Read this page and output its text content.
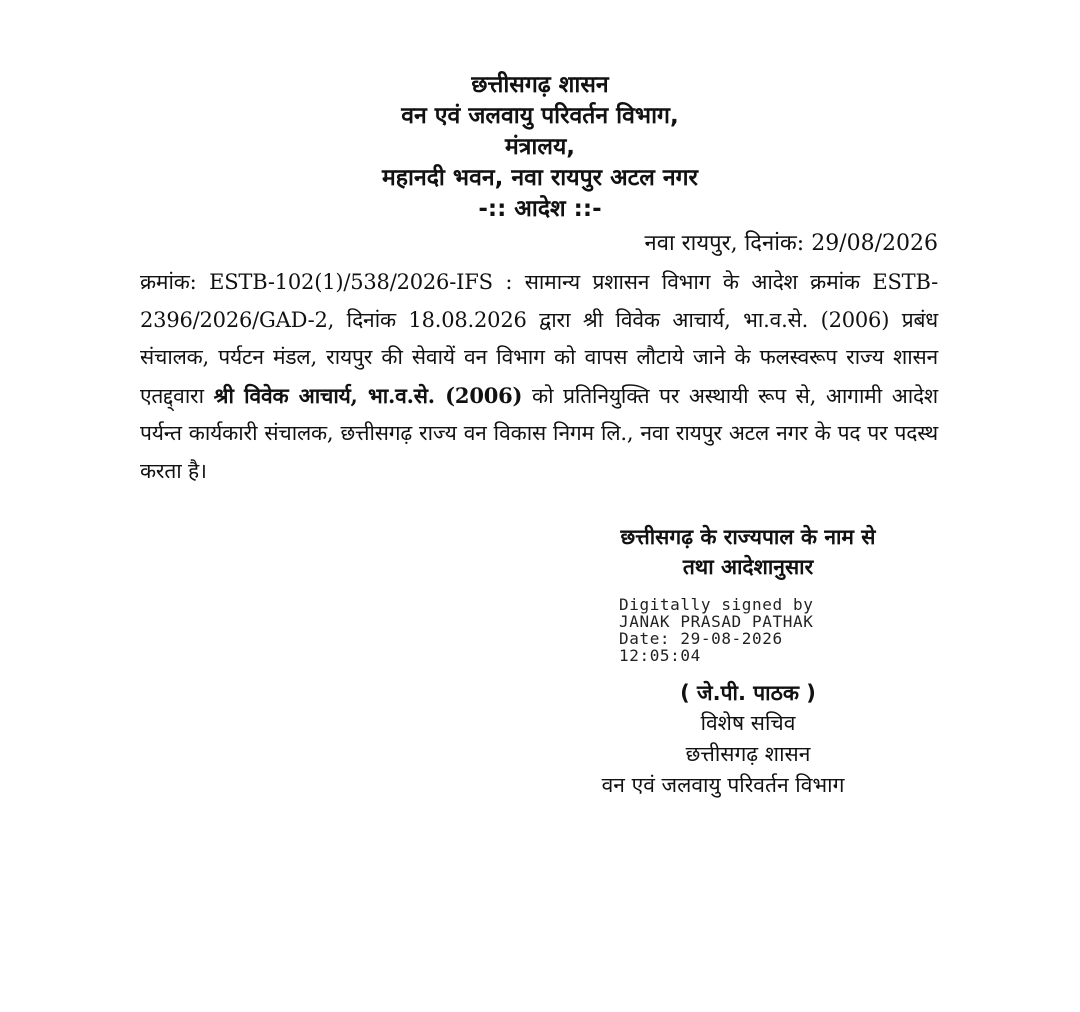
छत्तीसगढ़ शासन
वन एवं जलवायु परिवर्तन विभाग,
मंत्रालय,
महानदी भवन, नवा रायपुर अटल नगर
-:: आदेश ::-
नवा रायपुर, दिनांक: 29/08/2026
क्रमांक: ESTB-102(1)/538/2026-IFS : सामान्य प्रशासन विभाग के आदेश क्रमांक ESTB-2396/2026/GAD-2, दिनांक 18.08.2026 द्वारा श्री विवेक आचार्य, भा.व.से. (2006) प्रबंध संचालक, पर्यटन मंडल, रायपुर की सेवायें वन विभाग को वापस लौटाये जाने के फलस्वरूप राज्य शासन एतद्द्वारा श्री विवेक आचार्य, भा.व.से. (2006) को प्रतिनियुक्ति पर अस्थायी रूप से, आगामी आदेश पर्यन्त कार्यकारी संचालक, छत्तीसगढ़ राज्य वन विकास निगम लि., नवा रायपुर अटल नगर के पद पर पदस्थ करता है।
छत्तीसगढ़ के राज्यपाल के नाम से
तथा आदेशानुसार
Digitally signed by
JANAK PRASAD PATHAK
Date: 29-08-2026
12:05:04
( जे.पी. पाठक )
विशेष सचिव
छत्तीसगढ़ शासन
वन एवं जलवायु परिवर्तन विभाग
